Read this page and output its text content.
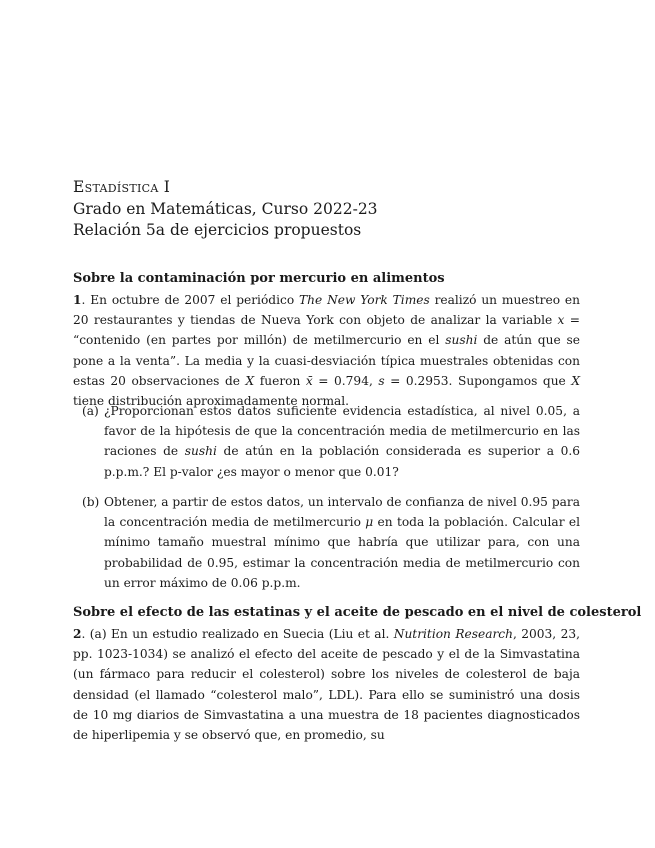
Estadística I
Grado en Matemáticas, Curso 2022-23
Relación 5a de ejercicios propuestos
Sobre la contaminación por mercurio en alimentos

1. En octubre de 2007 el periódico The New York Times realizó un muestreo en 20 restaurantes y tiendas de Nueva York con objeto de analizar la variable x = “contenido (en partes por millón) de metilmercurio en el sushi de atún que se pone a la venta”. La media y la cuasi-desviación típica muestrales obtenidas con estas 20 observaciones de X fueron x̄ = 0.794, s = 0.2953. Supongamos que X tiene distribución aproximadamente normal.

(a) ¿Proporcionan estos datos suficiente evidencia estadística, al nivel 0.05, a favor de la hipótesis de que la concentración media de metilmercurio en las raciones de sushi de atún en la población considerada es superior a 0.6 p.p.m.? El p-valor ¿es mayor o menor que 0.01?
(b) Obtener, a partir de estos datos, un intervalo de confianza de nivel 0.95 para la concentración media de metilmercurio μ en toda la población. Calcular el mínimo tamaño muestral mínimo que habría que utilizar para, con una probabilidad de 0.95, estimar la concentración media de metilmercurio con un error máximo de 0.06 p.p.m.
Sobre el efecto de las estatinas y el aceite de pescado en el nivel de colesterol

2. (a) En un estudio realizado en Suecia (Liu et al. Nutrition Research, 2003, 23, pp. 1023-1034) se analizó el efecto del aceite de pescado y el de la Simvastatina (un fármaco para reducir el colesterol) sobre los niveles de colesterol de baja densidad (el llamado “colesterol malo”, LDL). Para ello se suministró una dosis de 10 mg diarios de Simvastatina a una muestra de 18 pacientes diagnosticados de hiperlipemia y se observó que, en promedio, su
